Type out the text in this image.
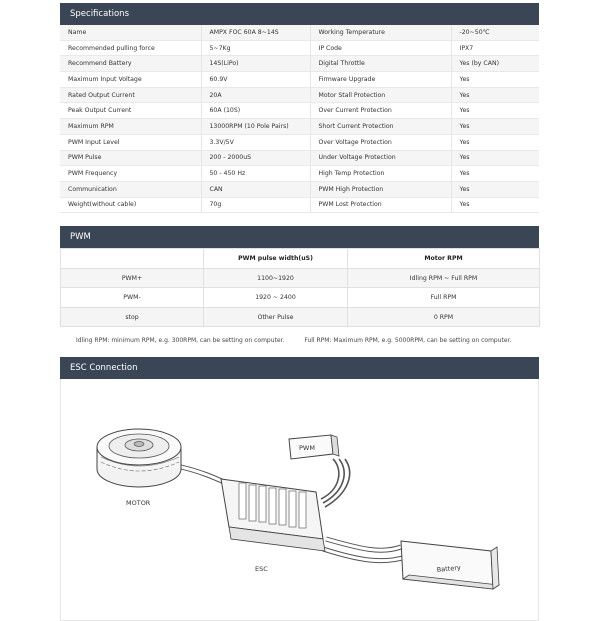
Specifications
Name	AMPX FOC 60A 8~14S	Working Temperature	-20~50℃
Recommended pulling force	5~7Kg	IP Code	IPX7
Recommend Battery	14S(LiPo)	Digital Throttle	Yes (by CAN)
Maximum Input Voltage	60.9V	Firmware Upgrade	Yes
Rated Output Current	20A	Motor Stall Protection	Yes
Peak Output Current	60A (10S)	Over Current Protection	Yes
Maximum RPM	13000RPM (10 Pole Pairs)	Short Current Protection	Yes
PWM Input Level	3.3V/5V	Over Voltage Protection	Yes
PWM Pulse	200 - 2000uS	Under Voltage Protection	Yes
PWM Frequency	50 - 450 Hz	High Temp Protection	Yes
Communication	CAN	PWM High Protection	Yes
Weight(without cable)	70g	PWM Lost Protection	Yes
PWM
	PWM pulse width(uS)	Motor RPM
PWM+	1100~1920	Idling RPM ~ Full RPM
PWM-	1920 ~ 2400	Full RPM
stop	Other Pulse	0 RPM
Idling RPM: minimum RPM, e.g. 300RPM, can be setting on computer.	Full RPM: Maximum RPM, e.g. 5000RPM, can be setting on computer.
ESC Connection
MOTOR
PWM
ESC	Battery
